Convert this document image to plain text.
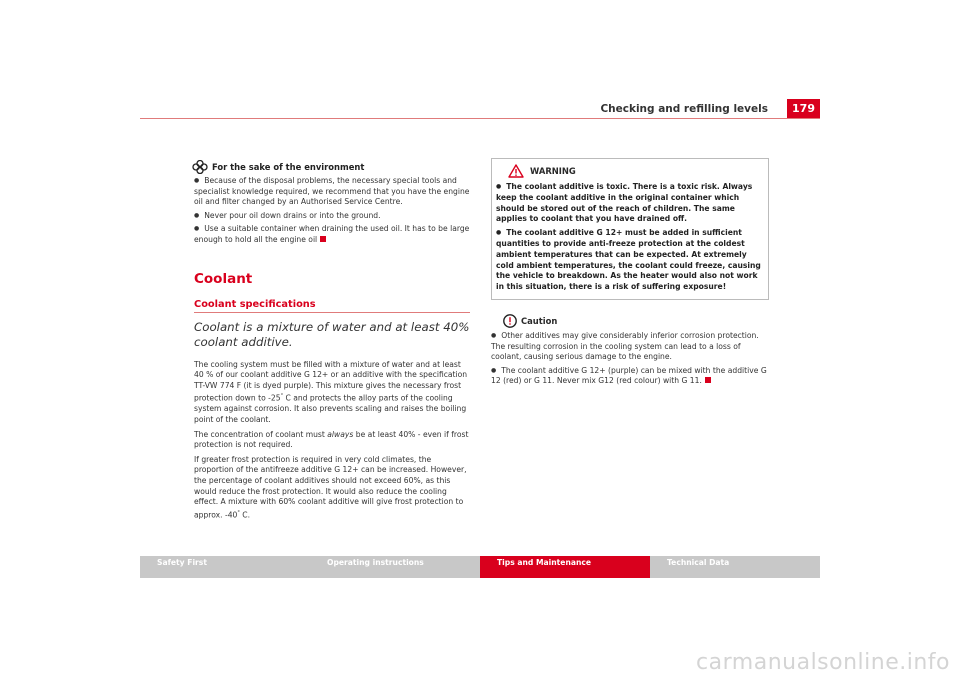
Checking and refilling levels	179
For the sake of the environment

● Because of the disposal problems, the necessary special tools and specialist knowledge required, we recommend that you have the engine oil and filter changed by an Authorised Service Centre.

● Never pour oil down drains or into the ground.

● Use a suitable container when draining the used oil. It has to be large enough to hold all the engine oil

Coolant
Coolant specifications
Coolant is a mixture of water and at least 40% coolant additive.

The cooling system must be filled with a mixture of water and at least 40 % of our coolant additive G 12+ or an additive with the specification TT-VW 774 F (it is dyed purple). This mixture gives the necessary frost protection down to -25° C and protects the alloy parts of the cooling system against corrosion. It also prevents scaling and raises the boiling point of the coolant.

The concentration of coolant must always be at least 40% - even if frost protection is not required.

If greater frost protection is required in very cold climates, the proportion of the antifreeze additive G 12+ can be increased. However, the percentage of coolant additives should not exceed 60%, as this would reduce the frost protection. It would also reduce the cooling effect. A mixture with 60% coolant additive will give frost protection to approx. -40° C.

WARNING

● The coolant additive is toxic. There is a toxic risk. Always keep the coolant additive in the original container which should be stored out of the reach of children. The same applies to coolant that you have drained off.

● The coolant additive G 12+ must be added in sufficient quantities to provide anti-freeze protection at the coldest ambient temperatures that can be expected. At extremely cold ambient temperatures, the coolant could freeze, causing the vehicle to breakdown. As the heater would also not work in this situation, there is a risk of suffering exposure!

Caution

● Other additives may give considerably inferior corrosion protection. The resulting corrosion in the cooling system can lead to a loss of coolant, causing serious damage to the engine.

● The coolant additive G 12+ (purple) can be mixed with the additive G 12 (red) or G 11. Never mix G12 (red colour) with G 11.

Safety First	Operating instructions	Tips and Maintenance	Technical Data
carmanualsonline.info
